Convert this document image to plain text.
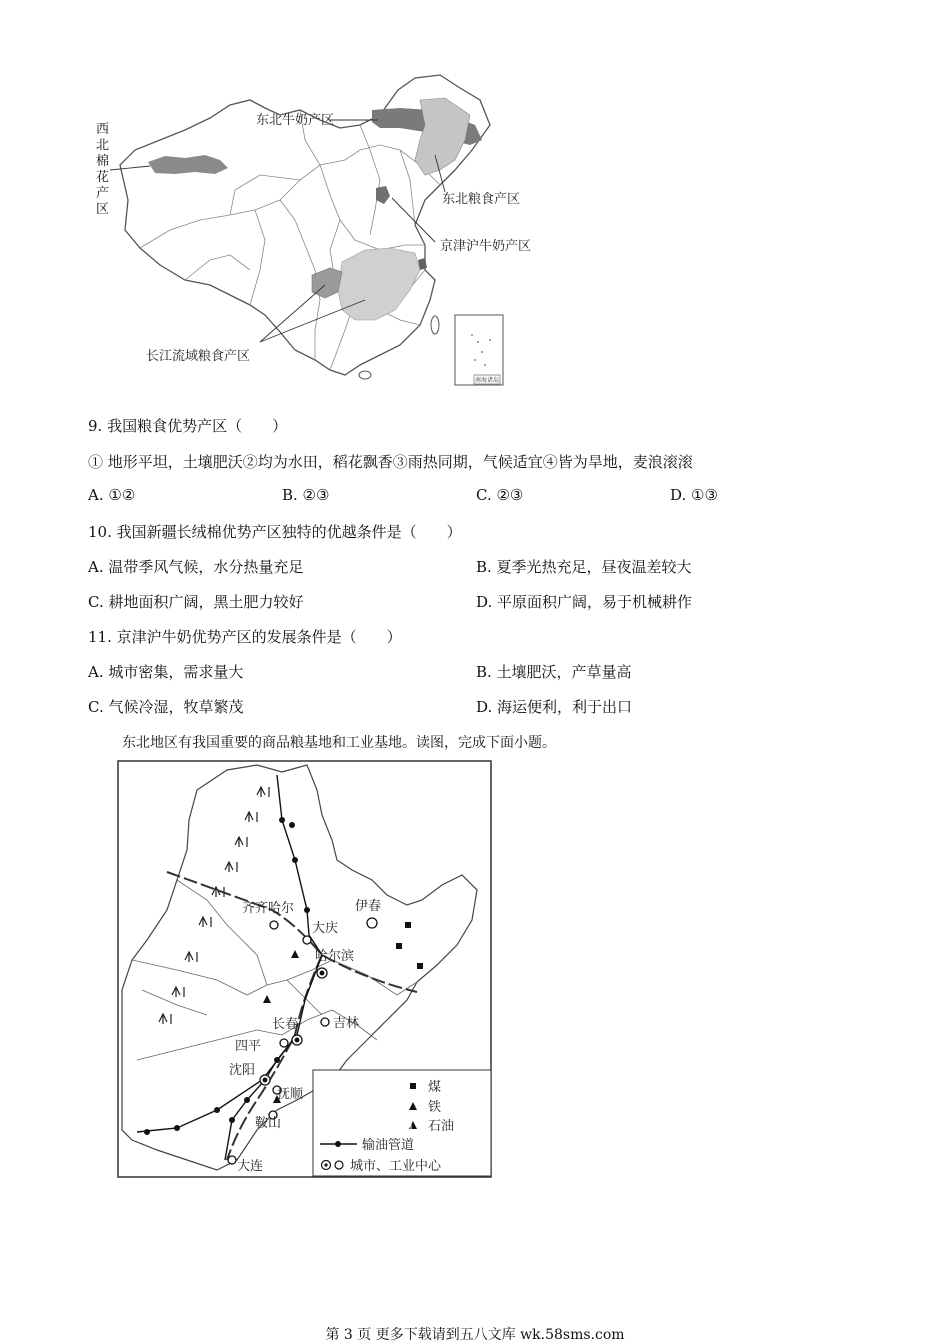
南海诸岛
东北牛奶产区
东北粮食产区
京津沪牛奶产区
长江流域粮食产区
西北棉花产区
9. 我国粮食优势产区（　　）
① 地形平坦，土壤肥沃②均为水田，稻花飘香③雨热同期，气候适宜④皆为旱地，麦浪滚滚
A. ①②	B. ②③	C. ②③	D. ①③
10. 我国新疆长绒棉优势产区独特的优越条件是（　　）
A. 温带季风气候，水分热量充足	B. 夏季光热充足，昼夜温差较大
C. 耕地面积广阔，黑土肥力较好	D. 平原面积广阔，易于机械耕作
11. 京津沪牛奶优势产区的发展条件是（　　）
A. 城市密集，需求量大	B. 土壤肥沃，产草量高
C. 气候冷湿，牧草繁茂	D. 海运便利，利于出口
东北地区有我国重要的商品粮基地和工业基地。读图，完成下面小题。
齐齐哈尔
大庆
伊春
哈尔滨
长春	吉林
四平
沈阳
抚顺
鞍山
大连
煤
铁
石油
输油管道
城市、工业中心
第 3 页 更多下载请到五八文库 wk.58sms.com
